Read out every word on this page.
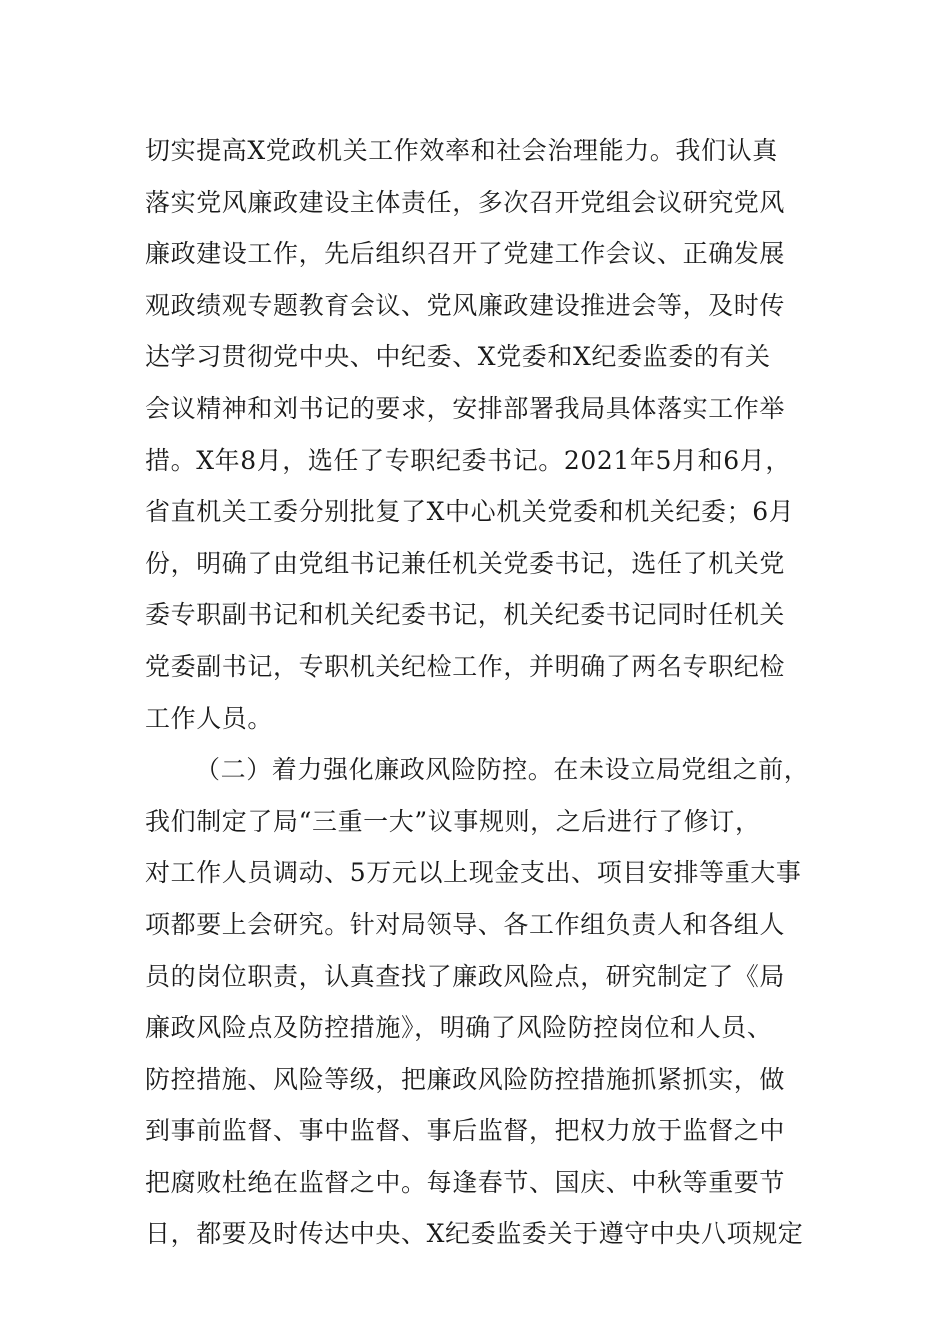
切实提高X党政机关工作效率和社会治理能力。我们认真
落实党风廉政建设主体责任，多次召开党组会议研究党风
廉政建设工作，先后组织召开了党建工作会议、正确发展
观政绩观专题教育会议、党风廉政建设推进会等，及时传
达学习贯彻党中央、中纪委、X党委和X纪委监委的有关
会议精神和刘书记的要求，安排部署我局具体落实工作举
措。X年8月，选任了专职纪委书记。2021年5月和6月，
省直机关工委分别批复了X中心机关党委和机关纪委；6月
份，明确了由党组书记兼任机关党委书记，选任了机关党
委专职副书记和机关纪委书记，机关纪委书记同时任机关
党委副书记，专职机关纪检工作，并明确了两名专职纪检
工作人员。
（二）着力强化廉政风险防控。在未设立局党组之前，
我们制定了局“三重一大”议事规则，之后进行了修订，
对工作人员调动、5万元以上现金支出、项目安排等重大事
项都要上会研究。针对局领导、各工作组负责人和各组人
员的岗位职责，认真查找了廉政风险点，研究制定了《局
廉政风险点及防控措施》，明确了风险防控岗位和人员、
防控措施、风险等级，把廉政风险防控措施抓紧抓实，做
到事前监督、事中监督、事后监督，把权力放于监督之中
把腐败杜绝在监督之中。每逢春节、国庆、中秋等重要节
日，都要及时传达中央、X纪委监委关于遵守中央八项规定
